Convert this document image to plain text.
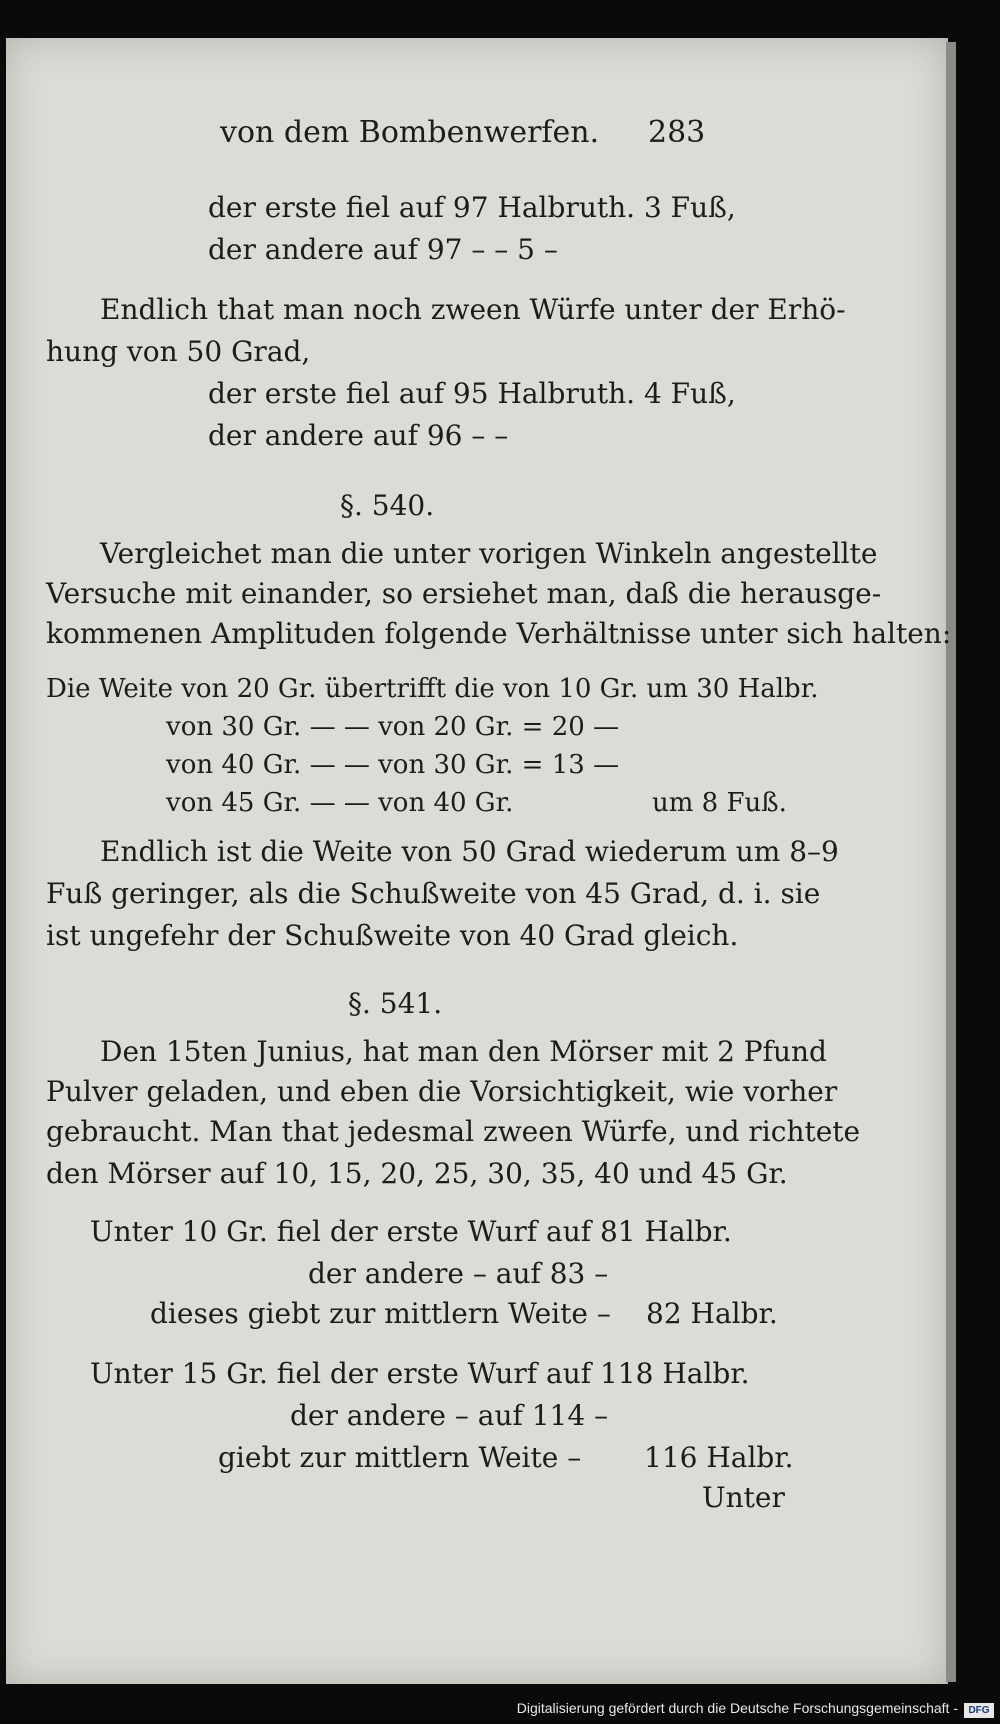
von dem Bombenwerfen. 283
der erste fiel auf 97 Halbruth. 3 Fuß,
der andere auf 97 – – 5 –
Endlich that man noch zween Würfe unter der Erhö-
hung von 50 Grad,
der erste fiel auf 95 Halbruth. 4 Fuß,
der andere auf 96 – –
§. 540.
Vergleichet man die unter vorigen Winkeln angestellte
Versuche mit einander, so ersiehet man, daß die herausge-
kommenen Amplituden folgende Verhältnisse unter sich halten:
Die Weite von 20 Gr. übertrifft die von 10 Gr. um 30 Halbr.
von 30 Gr. — — von 20 Gr. = 20 —
von 40 Gr. — — von 30 Gr. = 13 —
von 45 Gr. — — von 40 Gr.	um 8 Fuß.
Endlich ist die Weite von 50 Grad wiederum um 8–9
Fuß geringer, als die Schußweite von 45 Grad, d. i. sie
ist ungefehr der Schußweite von 40 Grad gleich.
§. 541.
Den 15ten Junius, hat man den Mörser mit 2 Pfund
Pulver geladen, und eben die Vorsichtigkeit, wie vorher
gebraucht. Man that jedesmal zween Würfe, und richtete
den Mörser auf 10, 15, 20, 25, 30, 35, 40 und 45 Gr.
Unter 10 Gr. fiel der erste Wurf auf 81 Halbr.
der andere – auf 83 –
dieses giebt zur mittlern Weite – 82 Halbr.
Unter 15 Gr. fiel der erste Wurf auf 118 Halbr.
der andere – auf 114 –
giebt zur mittlern Weite – 116 Halbr.
Unter
Digitalisierung gefördert durch die Deutsche Forschungsgemeinschaft -	DFG
